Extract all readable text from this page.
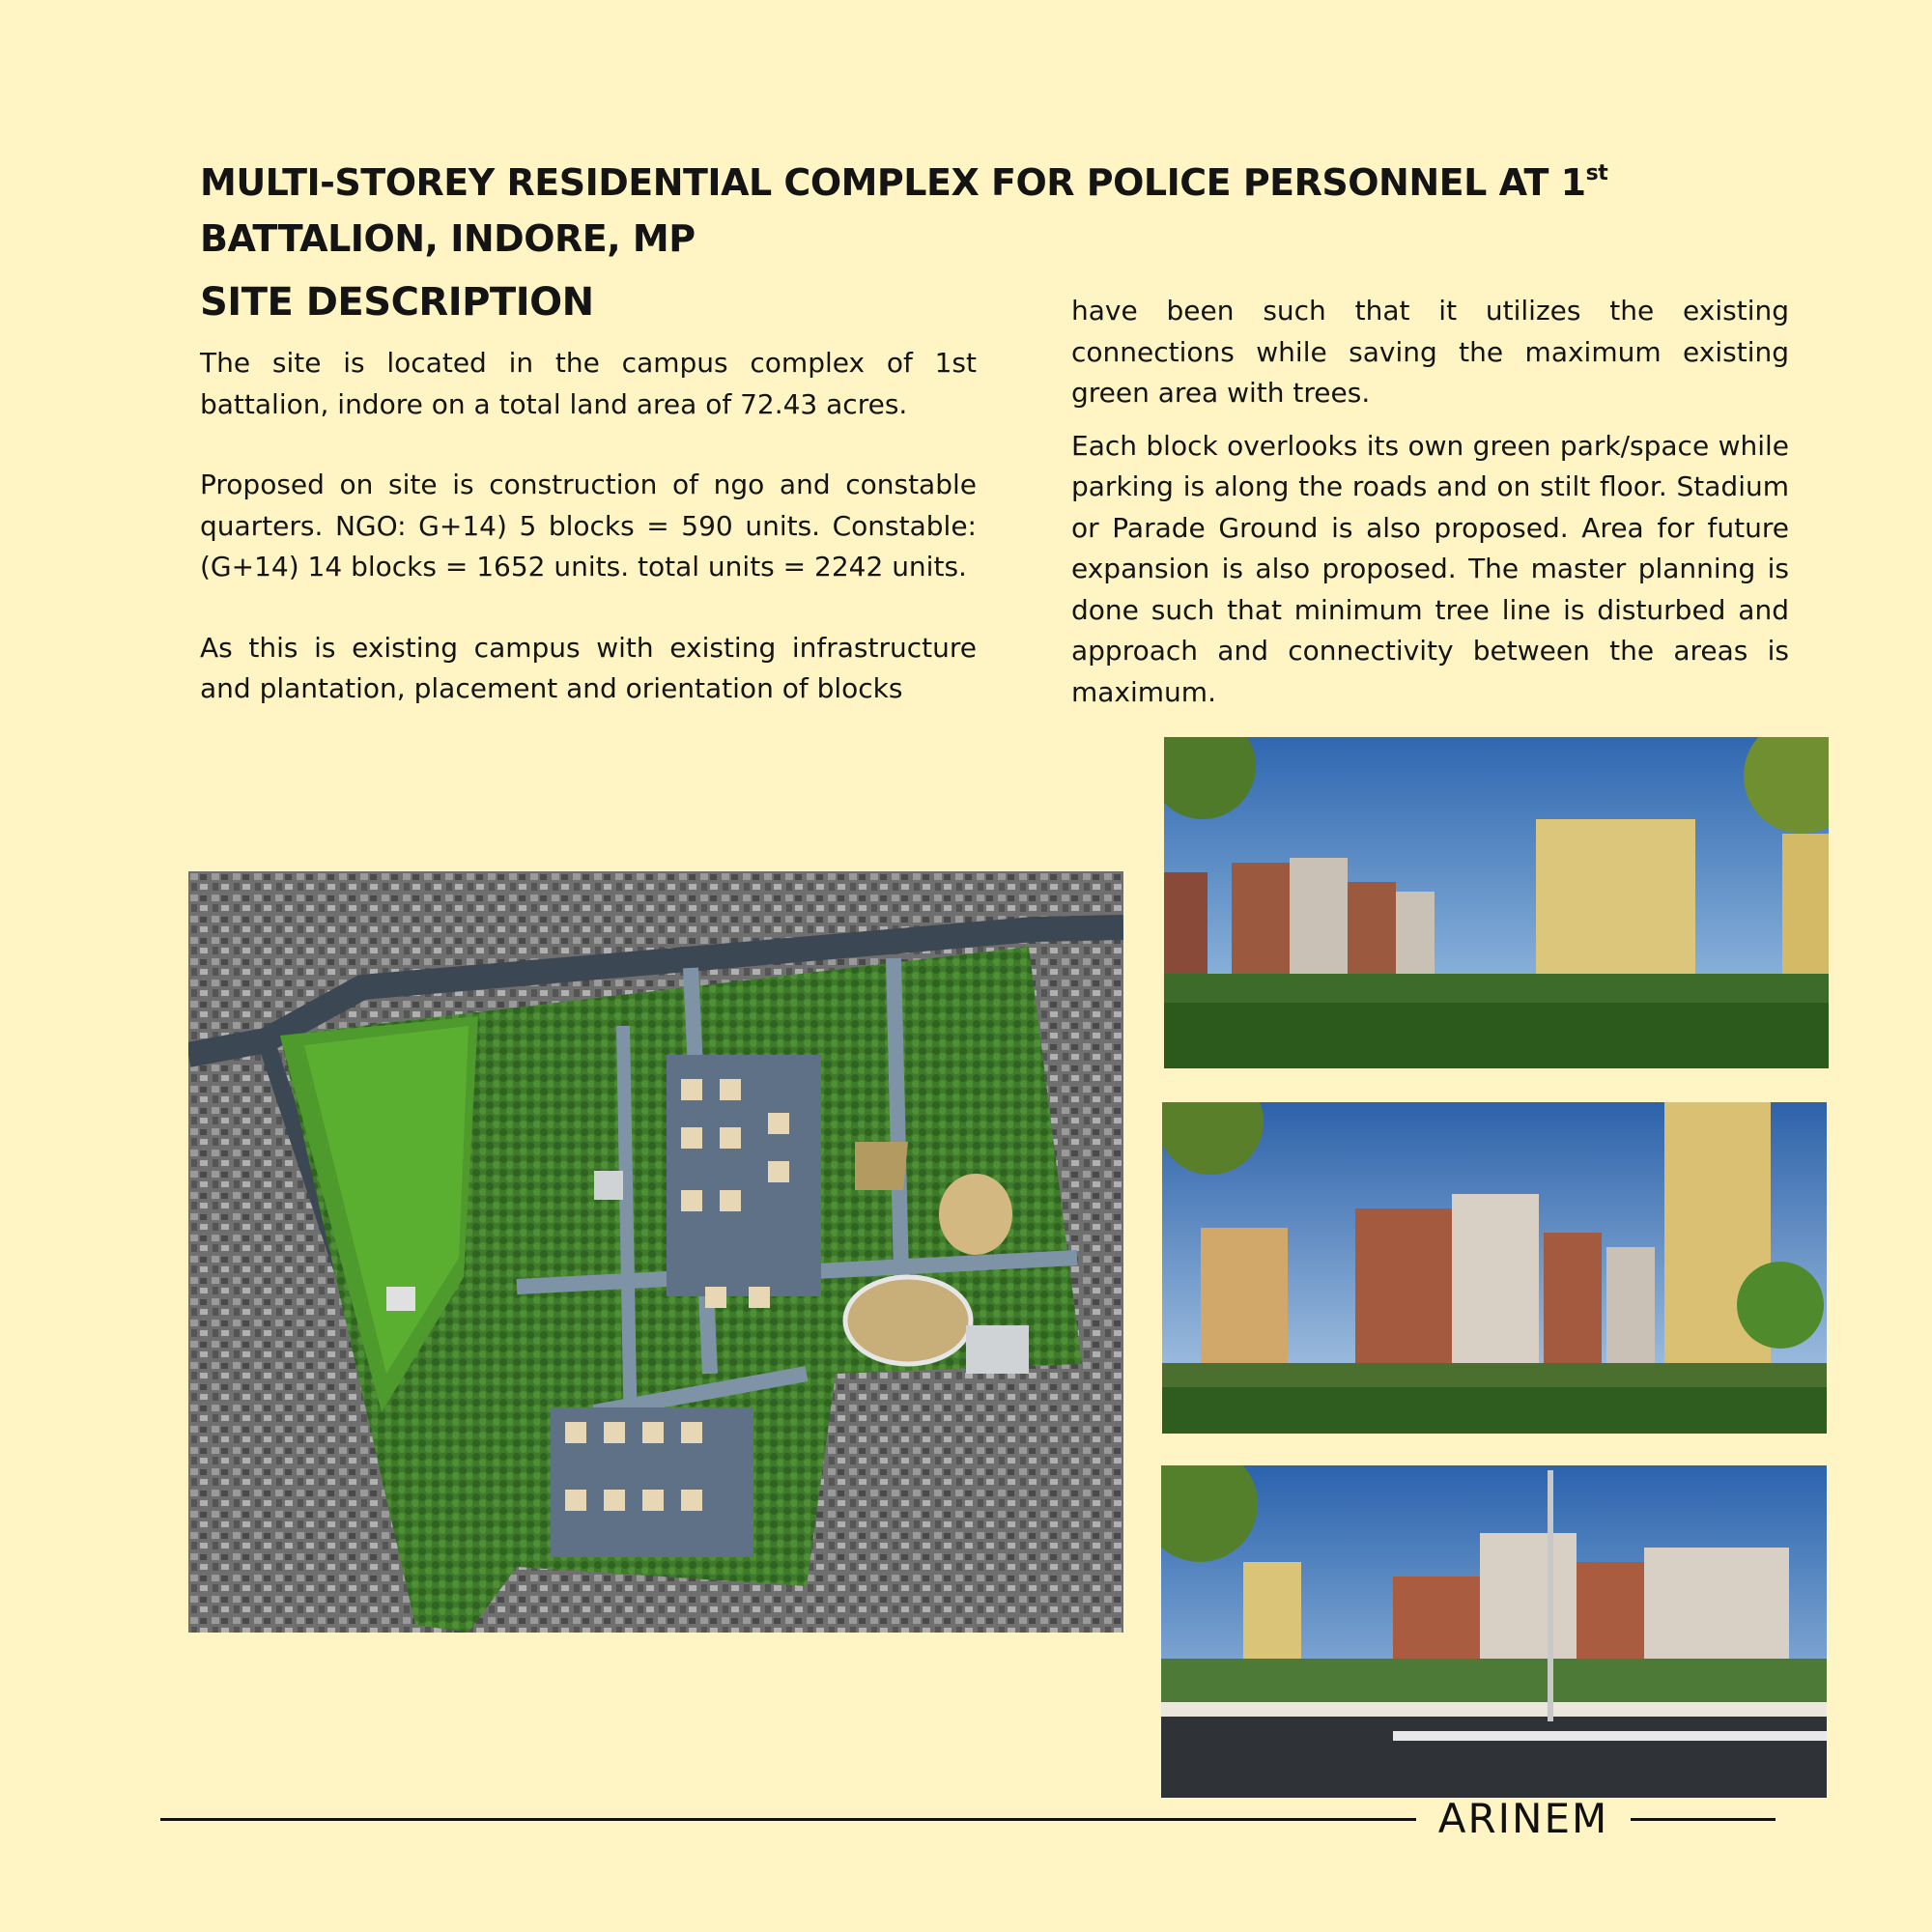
MULTI-STOREY RESIDENTIAL COMPLEX FOR POLICE PERSONNEL AT 1st BATTALION, INDORE, MP
SITE DESCRIPTION

The site is located in the campus complex of 1st battalion, indore on a total land area of 72.43 acres.

Proposed on site is construction of ngo and constable quarters. NGO: G+14) 5 blocks = 590 units. Constable: (G+14) 14 blocks = 1652 units. total units = 2242 units.

As this is existing campus with existing infrastructure and plantation, placement and orientation of blocks

have been such that it utilizes the existing connections while saving the maximum existing green area with trees.

Each block overlooks its own green park/space while parking is along the roads and on stilt floor. Stadium or Parade Ground is also proposed. Area for future expansion is also proposed. The master planning is done such that minimum tree line is disturbed and approach and connectivity between the areas is maximum.

ARINEM
